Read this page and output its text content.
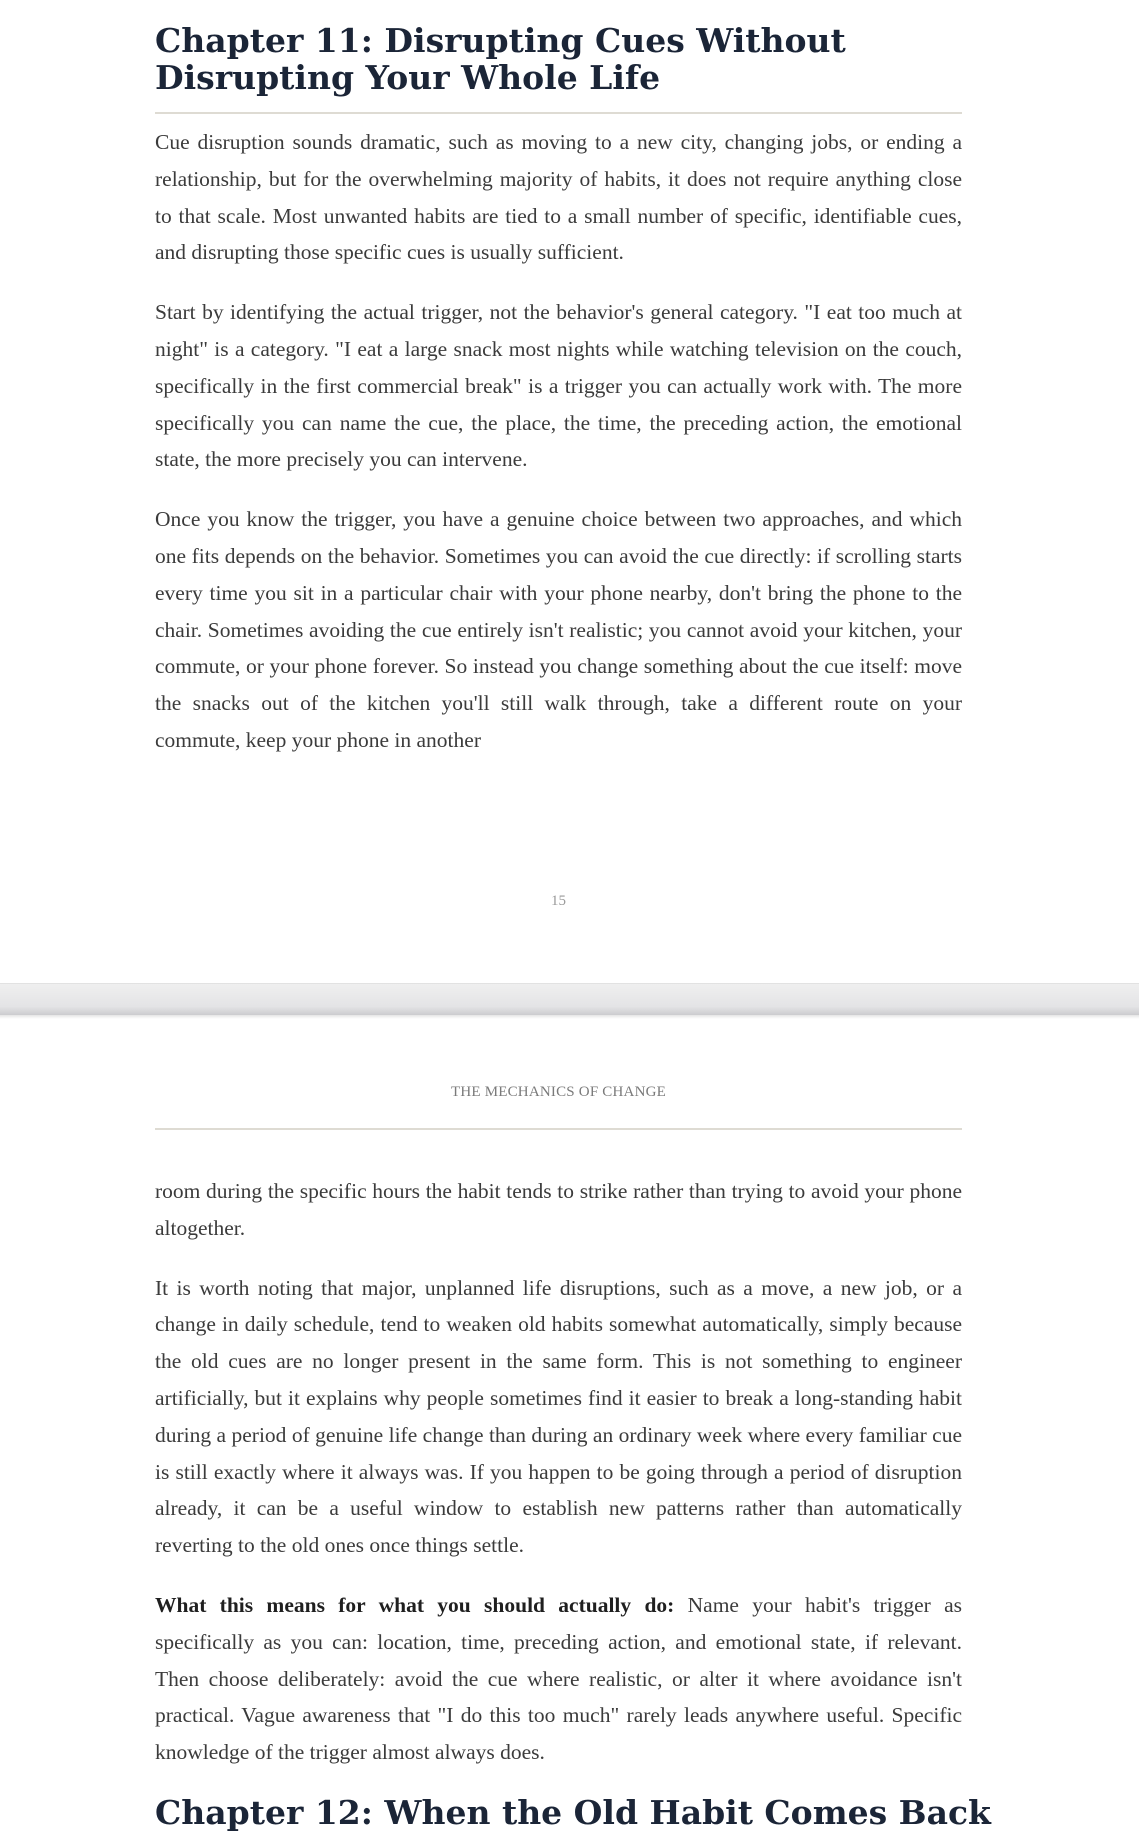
Chapter 11: Disrupting Cues Without Disrupting Your Whole Life

Cue disruption sounds dramatic, such as moving to a new city, changing jobs, or ending a relationship, but for the overwhelming majority of habits, it does not require anything close to that scale. Most unwanted habits are tied to a small number of specific, identifiable cues, and disrupting those specific cues is usually sufficient.

Start by identifying the actual trigger, not the behavior's general category. "I eat too much at night" is a category. "I eat a large snack most nights while watching television on the couch, specifically in the first commercial break" is a trigger you can actually work with. The more specifically you can name the cue, the place, the time, the preceding action, the emotional state, the more precisely you can intervene.

Once you know the trigger, you have a genuine choice between two approaches, and which one fits depends on the behavior. Sometimes you can avoid the cue directly: if scrolling starts every time you sit in a particular chair with your phone nearby, don't bring the phone to the chair. Sometimes avoiding the cue entirely isn't realistic; you cannot avoid your kitchen, your commute, or your phone forever. So instead you change something about the cue itself: move the snacks out of the kitchen you'll still walk through, take a different route on your commute, keep your phone in another

15
THE MECHANICS OF CHANGE

room during the specific hours the habit tends to strike rather than trying to avoid your phone altogether.

It is worth noting that major, unplanned life disruptions, such as a move, a new job, or a change in daily schedule, tend to weaken old habits somewhat automatically, simply because the old cues are no longer present in the same form. This is not something to engineer artificially, but it explains why people sometimes find it easier to break a long-standing habit during a period of genuine life change than during an ordinary week where every familiar cue is still exactly where it always was. If you happen to be going through a period of disruption already, it can be a useful window to establish new patterns rather than automatically reverting to the old ones once things settle.

What this means for what you should actually do: Name your habit's trigger as specifically as you can: location, time, preceding action, and emotional state, if relevant. Then choose deliberately: avoid the cue where realistic, or alter it where avoidance isn't practical. Vague awareness that "I do this too much" rarely leads anywhere useful. Specific knowledge of the trigger almost always does.

Chapter 12: When the Old Habit Comes Back
